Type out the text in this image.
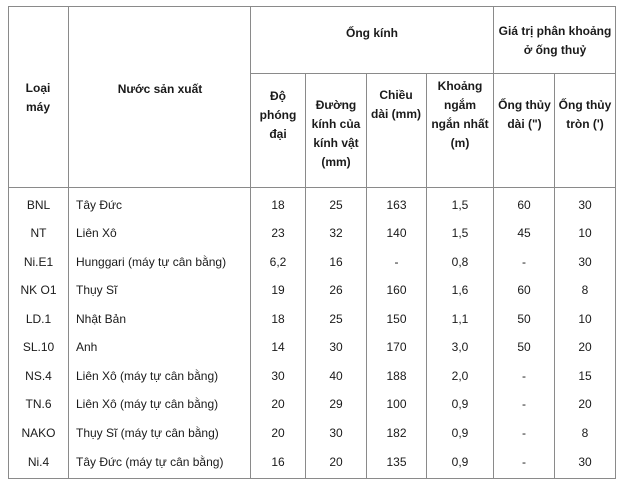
Loại máy
Nước sản xuất
Ống kính	Giá trị phân khoảng ở ống thuỷ
Độ phóng đại
Đường kính của kính vật (mm)
Chiều dài (mm)
Khoảng ngắm ngắn nhất (m)
Ống thủy dài (")
Ống thủy tròn (')
BNL	Tây Đức	18	25	163	1,5	60	30
NT	Liên Xô	23	32	140	1,5	45	10
Ni.E1	Hunggari (máy tự cân bằng)	6,2	16	-	0,8	-	30
NK O1	Thụy Sĩ	19	26	160	1,6	60	8
LD.1	Nhật Bản	18	25	150	1,1	50	10
SL.10	Anh	14	30	170	3,0	50	20
NS.4	Liên Xô (máy tự cân bằng)	30	40	188	2,0	-	15
TN.6	Liên Xô (máy tự cân bằng)	20	29	100	0,9	-	20
NAKO	Thụy Sĩ (máy tự cân bằng)	20	30	182	0,9	-	8
Ni.4	Tây Đức (máy tự cân bằng)	16	20	135	0,9	-	30
